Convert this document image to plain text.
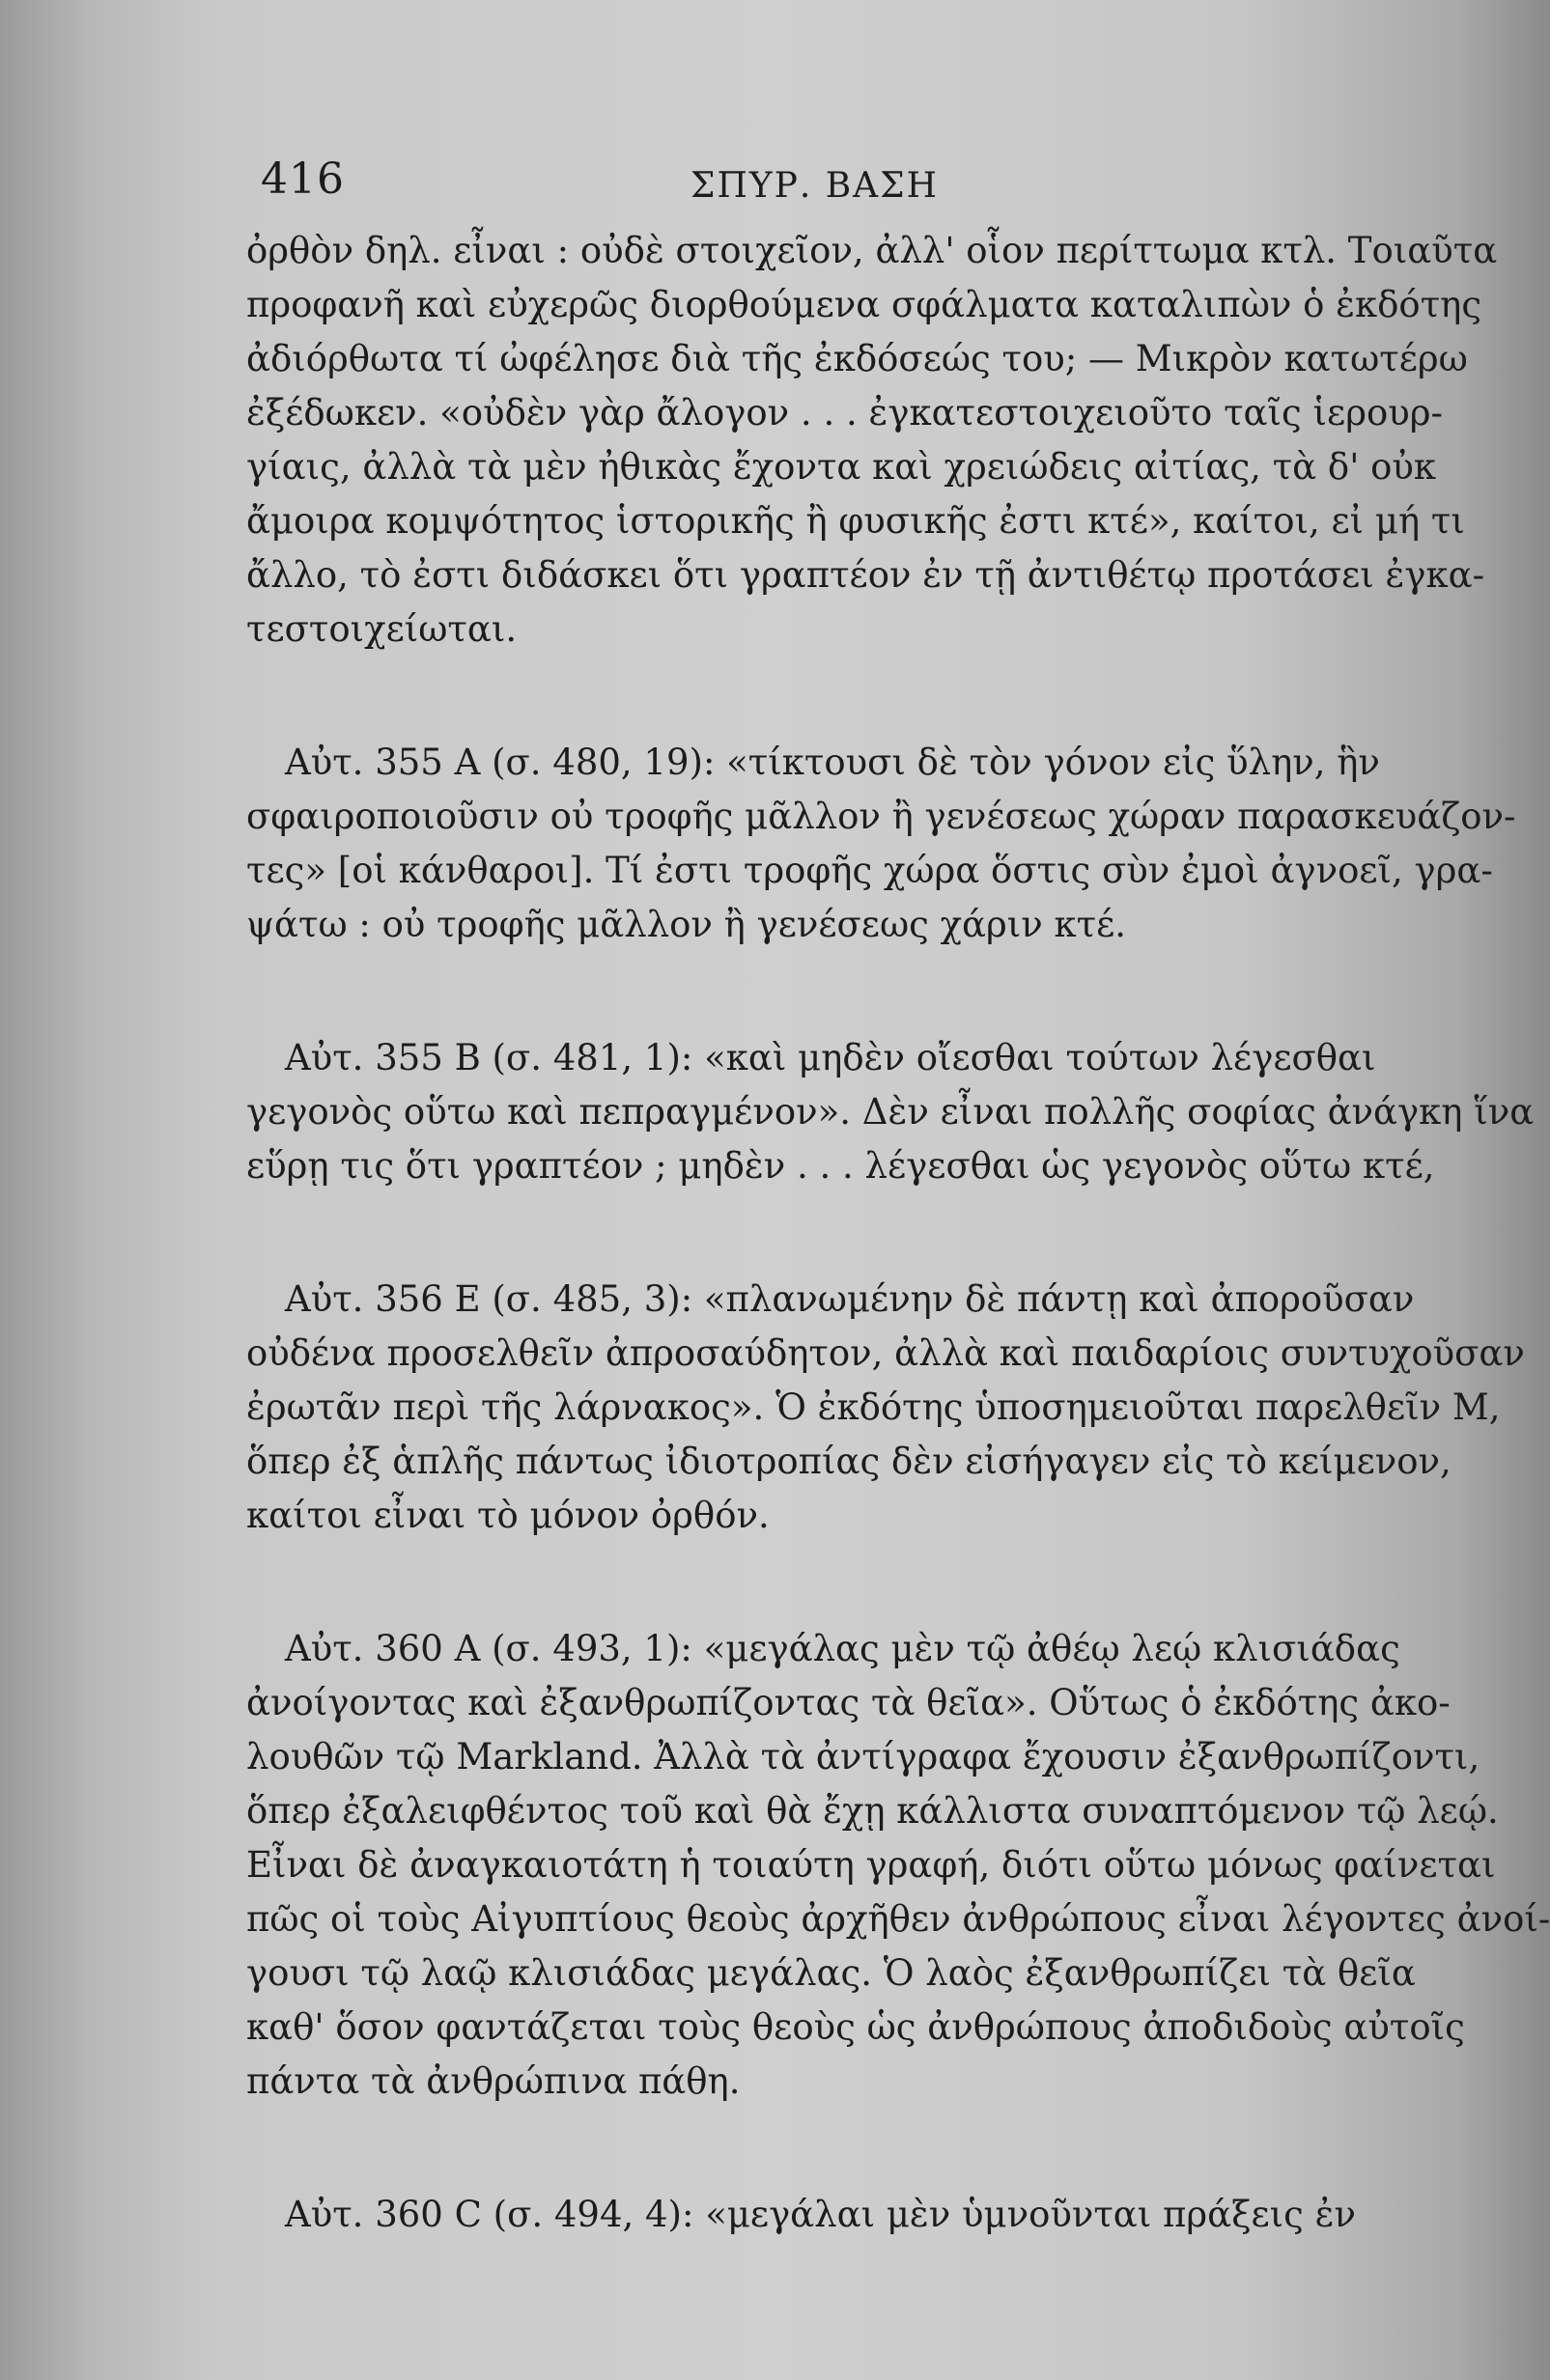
416	ΣΠΥΡ. ΒΑΣΗ

ὀρθὸν δηλ. εἶναι : οὐδὲ στοιχεῖον, ἀλλ' οἷον περίττωμα κτλ. Τοιαῦτα
προφανῆ καὶ εὐχερῶς διορθούμενα σφάλματα καταλιπὼν ὁ ἐκδότης
ἀδιόρθωτα τί ὠφέλησε διὰ τῆς ἐκδόσεώς του; — Μικρὸν κατωτέρω
ἐξέδωκεν. «οὐδὲν γὰρ ἄλογον . . . ἐγκατεστοιχειοῦτο ταῖς ἱερουρ-
γίαις, ἀλλὰ τὰ μὲν ἠθικὰς ἔχοντα καὶ χρειώδεις αἰτίας, τὰ δ' οὐκ
ἄμοιρα κομψότητος ἱστορικῆς ἢ φυσικῆς ἐστι κτέ», καίτοι, εἰ μή τι
ἄλλο, τὸ ἐστι διδάσκει ὅτι γραπτέον ἐν τῇ ἀντιθέτῳ προτάσει ἐγκα-
τεστοιχείωται.

Αὐτ. 355 A (σ. 480, 19): «τίκτουσι δὲ τὸν γόνον εἰς ὕλην, ἣν
σφαιροποιοῦσιν οὐ τροφῆς μᾶλλον ἢ γενέσεως χώραν παρασκευάζον-
τες» [οἱ κάνθαροι]. Τί ἐστι τροφῆς χώρα ὅστις σὺν ἐμοὶ ἀγνοεῖ, γρα-
ψάτω : οὐ τροφῆς μᾶλλον ἢ γενέσεως χάριν κτέ.

Αὐτ. 355 B (σ. 481, 1): «καὶ μηδὲν οἴεσθαι τούτων λέγεσθαι
γεγονὸς οὕτω καὶ πεπραγμένον». Δὲν εἶναι πολλῆς σοφίας ἀνάγκη ἵνα
εὕρῃ τις ὅτι γραπτέον ; μηδὲν . . . λέγεσθαι ὡς γεγονὸς οὕτω κτέ,

Αὐτ. 356 E (σ. 485, 3): «πλανωμένην δὲ πάντῃ καὶ ἀποροῦσαν
οὐδένα προσελθεῖν ἀπροσαύδητον, ἀλλὰ καὶ παιδαρίοις συντυχοῦσαν
ἐρωτᾶν περὶ τῆς λάρνακος». Ὁ ἐκδότης ὑποσημειοῦται παρελθεῖν M,
ὅπερ ἐξ ἁπλῆς πάντως ἰδιοτροπίας δὲν εἰσήγαγεν εἰς τὸ κείμενον,
καίτοι εἶναι τὸ μόνον ὀρθόν.

Αὐτ. 360 A (σ. 493, 1): «μεγάλας μὲν τῷ ἀθέῳ λεῴ κλισιάδας
ἀνοίγοντας καὶ ἐξανθρωπίζοντας τὰ θεῖα». Οὕτως ὁ ἐκδότης ἀκο-
λουθῶν τῷ Markland. Ἀλλὰ τὰ ἀντίγραφα ἔχουσιν ἐξανθρωπίζοντι,
ὅπερ ἐξαλειφθέντος τοῦ καὶ θὰ ἔχῃ κάλλιστα συναπτόμενον τῷ λεῴ.
Εἶναι δὲ ἀναγκαιοτάτη ἡ τοιαύτη γραφή, διότι οὕτω μόνως φαίνεται
πῶς οἱ τοὺς Αἰγυπτίους θεοὺς ἀρχῆθεν ἀνθρώπους εἶναι λέγοντες ἀνοί-
γουσι τῷ λαῷ κλισιάδας μεγάλας. Ὁ λαὸς ἐξανθρωπίζει τὰ θεῖα
καθ' ὅσον φαντάζεται τοὺς θεοὺς ὡς ἀνθρώπους ἀποδιδοὺς αὐτοῖς
πάντα τὰ ἀνθρώπινα πάθη.

Αὐτ. 360 C (σ. 494, 4): «μεγάλαι μὲν ὑμνοῦνται πράξεις ἐν
